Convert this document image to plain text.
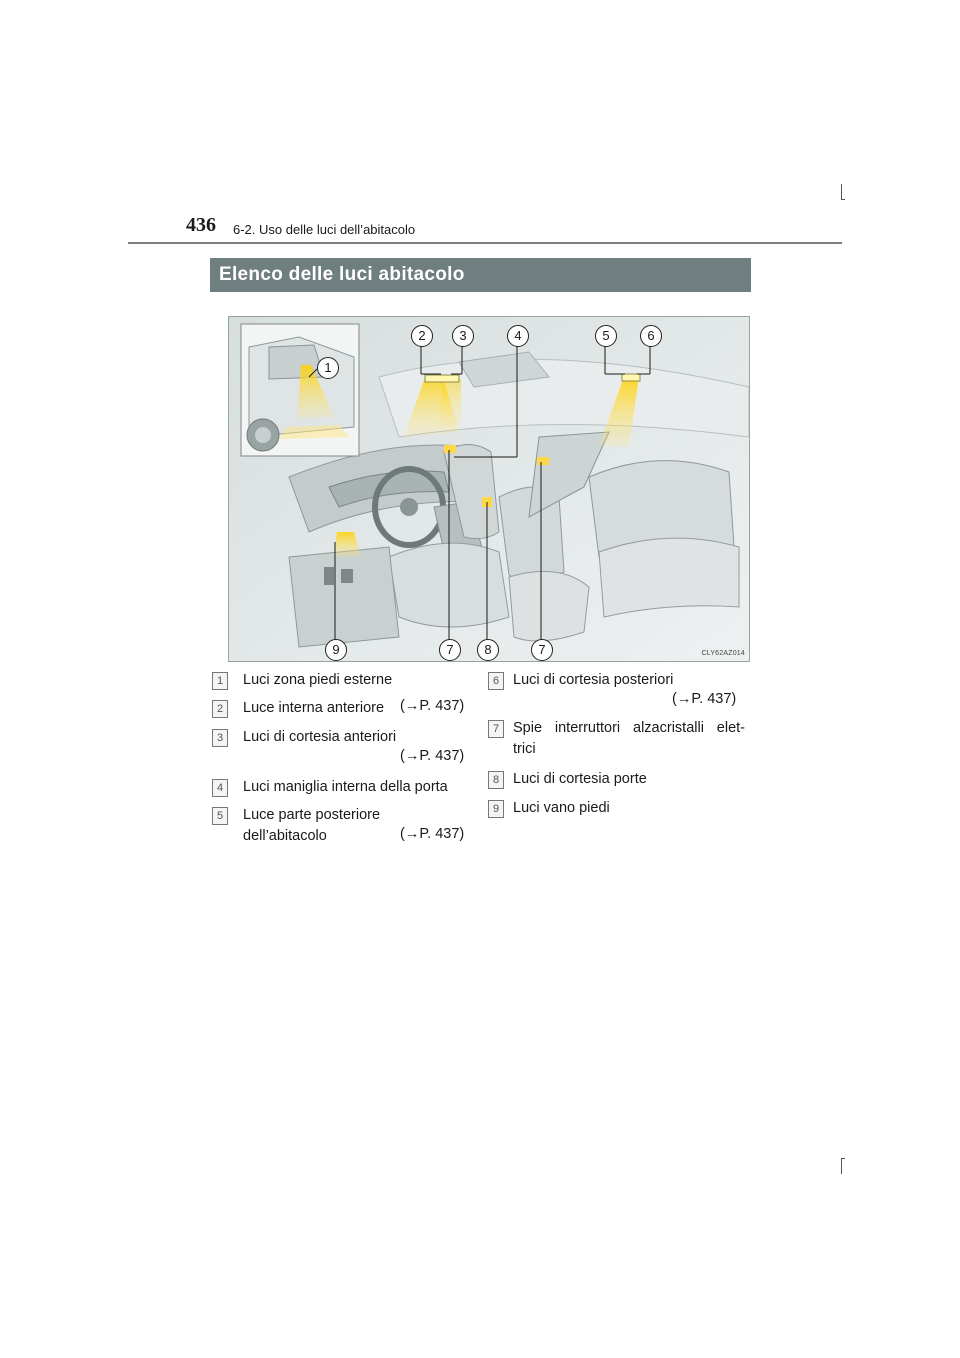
436 6-2. Uso delle luci dell’abitacolo
Elenco delle luci abitacolo
2	3	4	5	6
1
9	7	8	7	CLY62AZ014
1	Luci zona piedi esterne
2	Luce interna anteriore (→P. 437)
3	Luci di cortesia anteriori
(→P. 437)
4	Luci maniglia interna della porta
5	Luce parte posteriore
dell’abitacolo	(→P. 437)
6 Luci di cortesia posteriori
(→P. 437)
7 Spie interruttori alzacristalli elet-
trici
8 Luci di cortesia porte
9 Luci vano piedi
